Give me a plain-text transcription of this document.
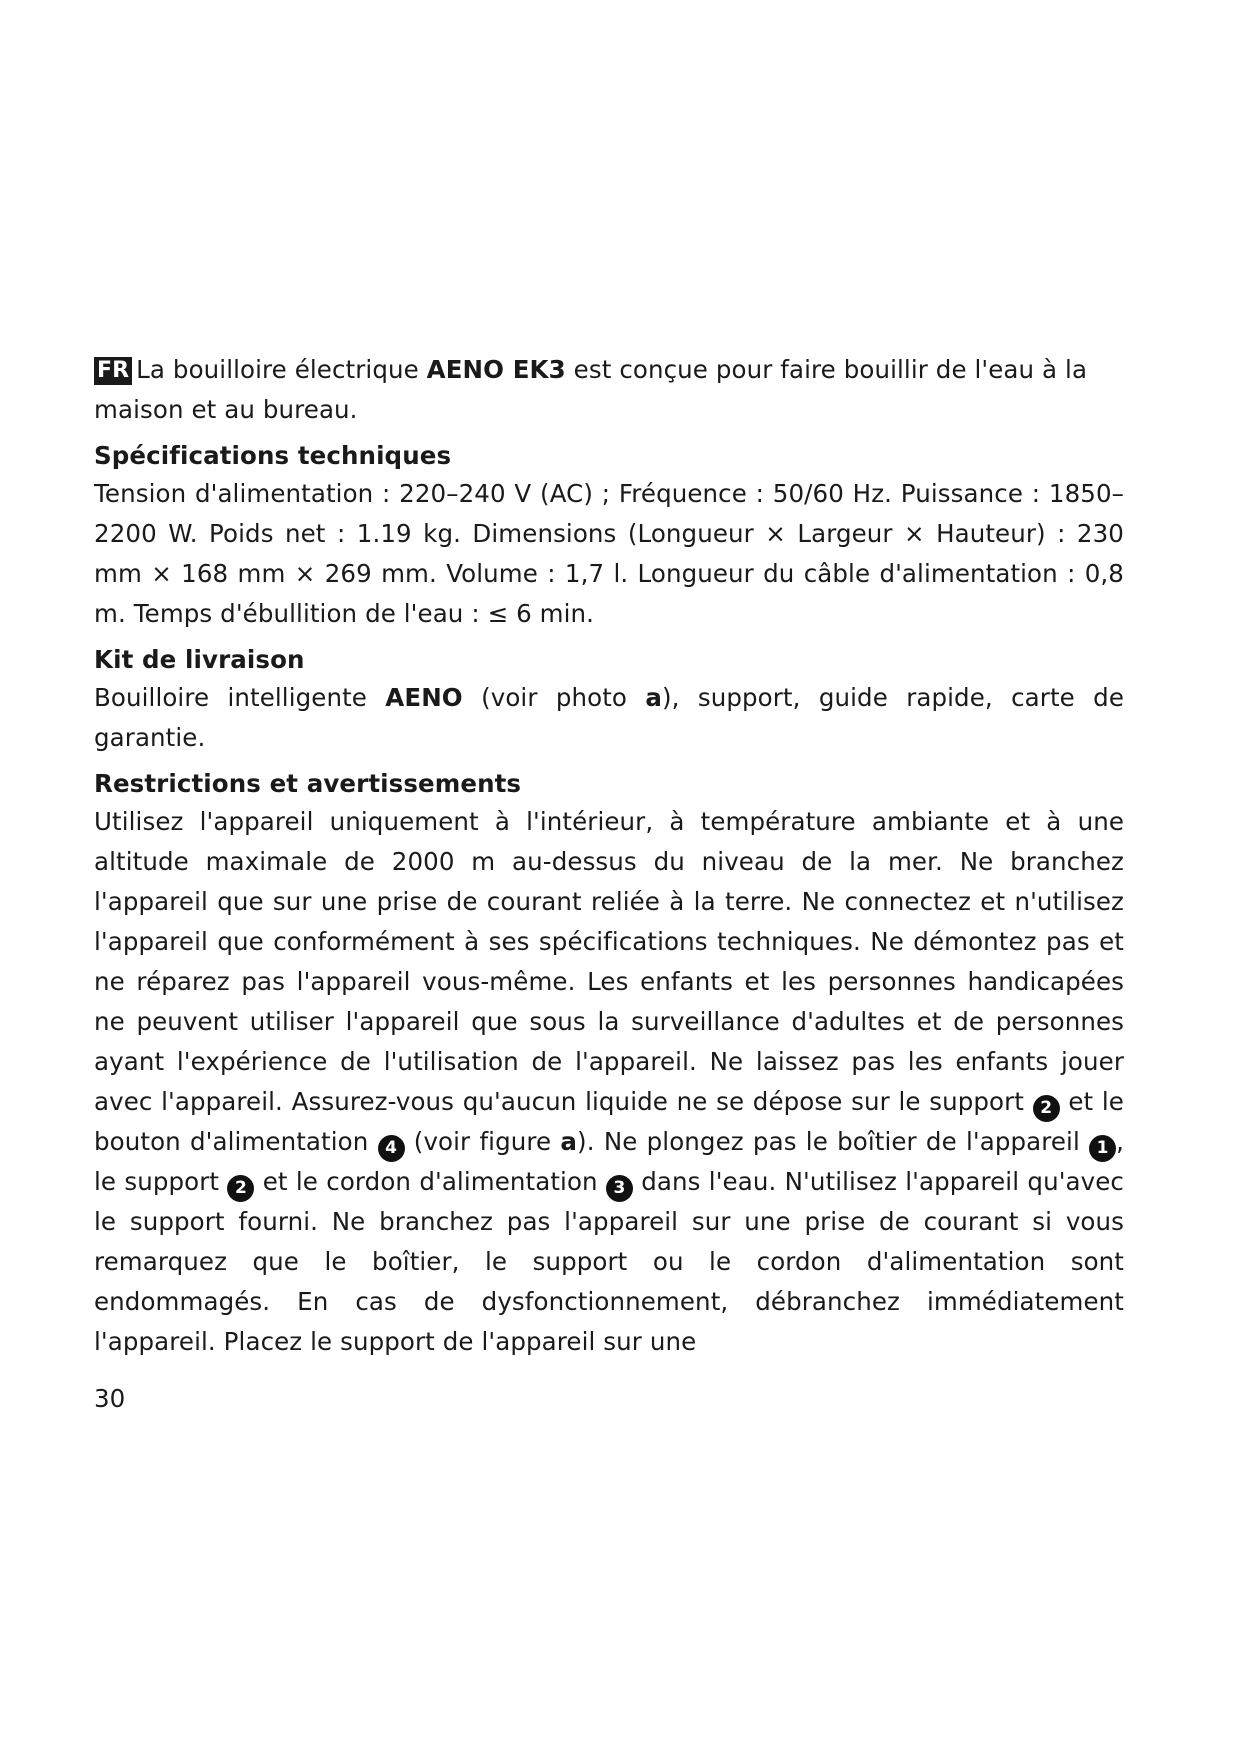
FR La bouilloire électrique AENO EK3 est conçue pour faire bouillir de l'eau à la maison et au bureau.

Spécifications techniques

Tension d'alimentation : 220–240 V (AC) ; Fréquence : 50/60 Hz. Puissance : 1850–2200 W. Poids net : 1.19 kg. Dimensions (Longueur × Largeur × Hauteur) : 230 mm × 168 mm × 269 mm. Volume : 1,7 l. Longueur du câble d'alimentation : 0,8 m. Temps d'ébullition de l'eau : ≤ 6 min.

Kit de livraison

Bouilloire intelligente AENO (voir photo a), support, guide rapide, carte de garantie.

Restrictions et avertissements

Utilisez l'appareil uniquement à l'intérieur, à température ambiante et à une altitude maximale de 2000 m au-dessus du niveau de la mer. Ne branchez l'appareil que sur une prise de courant reliée à la terre. Ne connectez et n'utilisez l'appareil que conformément à ses spécifications techniques. Ne démontez pas et ne réparez pas l'appareil vous-même. Les enfants et les personnes handicapées ne peuvent utiliser l'appareil que sous la surveillance d'adultes et de personnes ayant l'expérience de l'utilisation de l'appareil. Ne laissez pas les enfants jouer avec l'appareil. Assurez-vous qu'aucun liquide ne se dépose sur le support 2 et le bouton d'alimentation 4 (voir figure a). Ne plongez pas le boîtier de l'appareil 1 , le support 2 et le cordon d'alimentation 3 dans l'eau. N'utilisez l'appareil qu'avec le support fourni. Ne branchez pas l'appareil sur une prise de courant si vous remarquez que le boîtier, le support ou le cordon d'alimentation sont endommagés. En cas de dysfonctionnement, débranchez immédiatement l'appareil. Placez le support de l'appareil sur une

30
